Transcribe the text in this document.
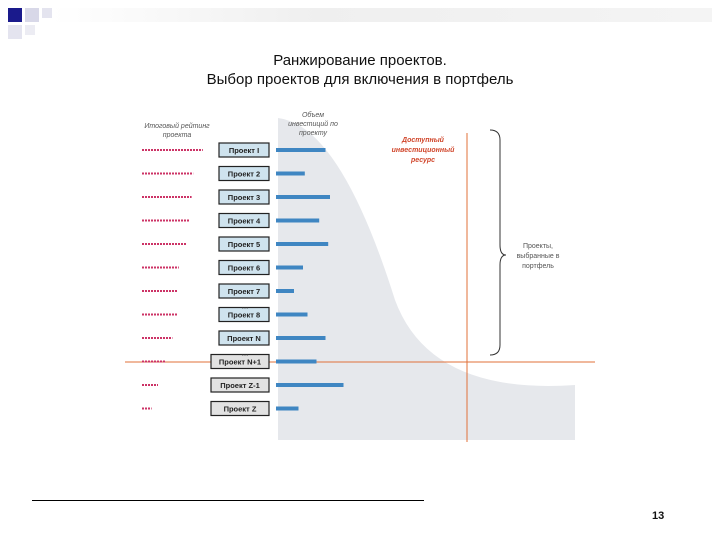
Ранжирование проектов.
Выбор проектов для включения в портфель
Итоговый рейтинг
проекта
Объем
инвестиций по
проекту
Доступный
инвестиционный
ресурс
Проекты,
выбранные в
портфель
Проект I
Проект 2
Проект 3
Проект 4
Проект 5
Проект 6
Проект 7
Проект 8
...
Проект N
Проект N+1
...
Проект Z-1
Проект Z
13
